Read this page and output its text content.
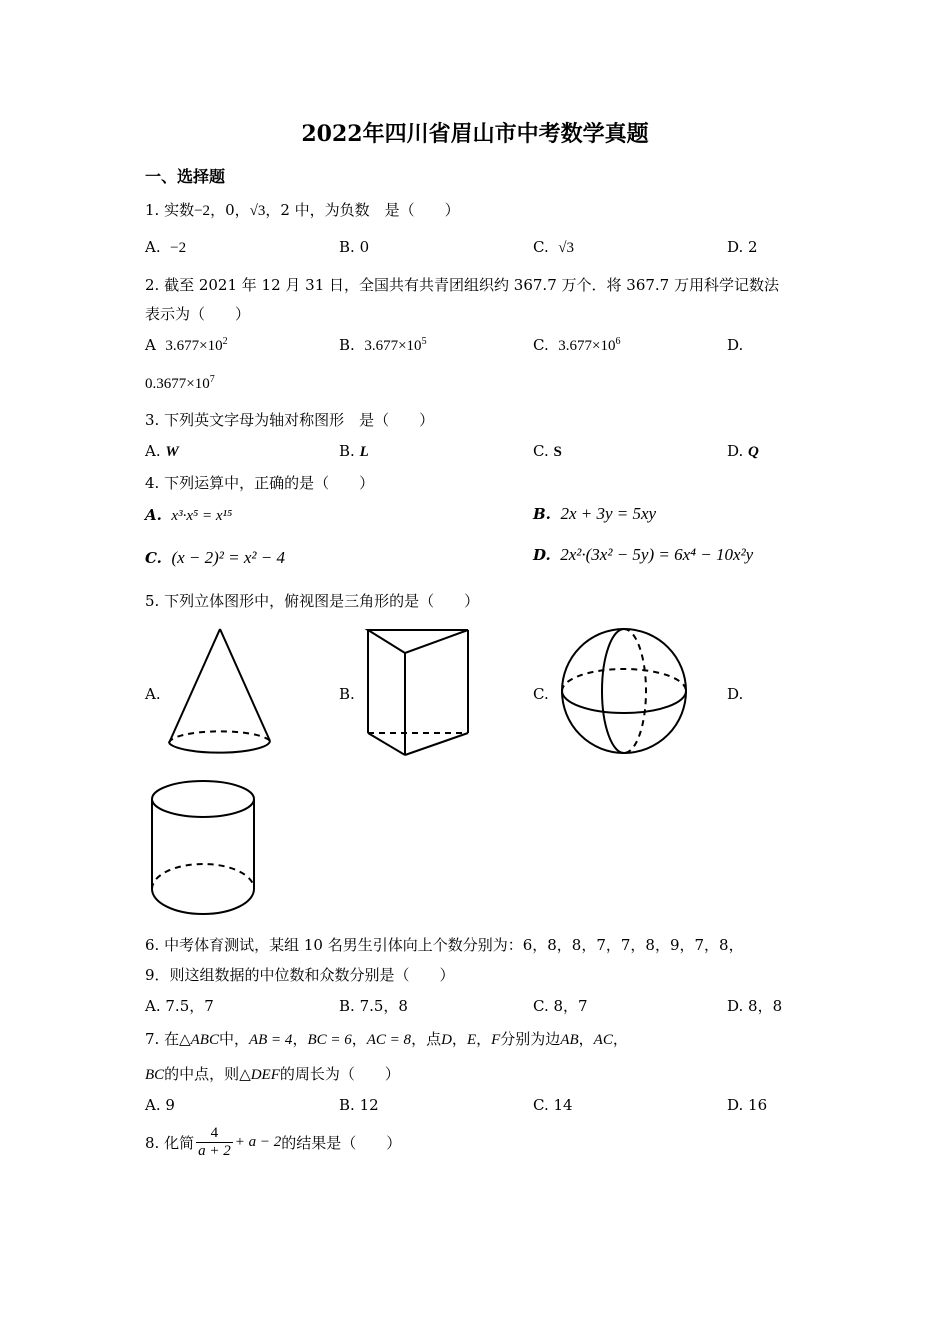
2022年四川省眉山市中考数学真题
一、选择题
1. 实数−2，0，√3，2 中，为负数　是（　　）
A. −2	B. 0	C. √3	D. 2
2. 截至 2021 年 12 月 31 日，全国共有共青团组织约 367.7 万个．将 367.7 万用科学记数法
表示为（　　）
A $3.677\times 10^2$	B. $3.677\times 10^5$	C. $3.677\times 10^6$	D.
$0.3677\times 10^7$
3. 下列英文字母为轴对称图形　是（　　）
A. W	B. L	C. S	D. Q
4. 下列运算中，正确的是（　　）
A. x³·x⁵ = x¹⁵	B. 2x + 3y = 5xy
C. (x − 2)² = x² − 4	D. 2x²·(3x² − 5y) = 6x⁴ − 10x²y
5. 下列立体图形中，俯视图是三角形的是（　　）
A.	B.	C.	D.
6. 中考体育测试，某组 10 名男生引体向上个数分别为：6，8，8，7，7，8，9，7，8，
9．则这组数据的中位数和众数分别是（　　）
A. 7.5，7	B. 7.5，8	C. 8，7	D. 8，8
7. 在△ABC中，AB = 4，BC = 6，AC = 8，点D，E，F分别为边AB，AC，
BC的中点，则△DEF的周长为（　　）
A. 9	B. 12	C. 14	D. 16
8. 化简 $\frac{4}{a + 2} + a - 2$的结果是（　　）
